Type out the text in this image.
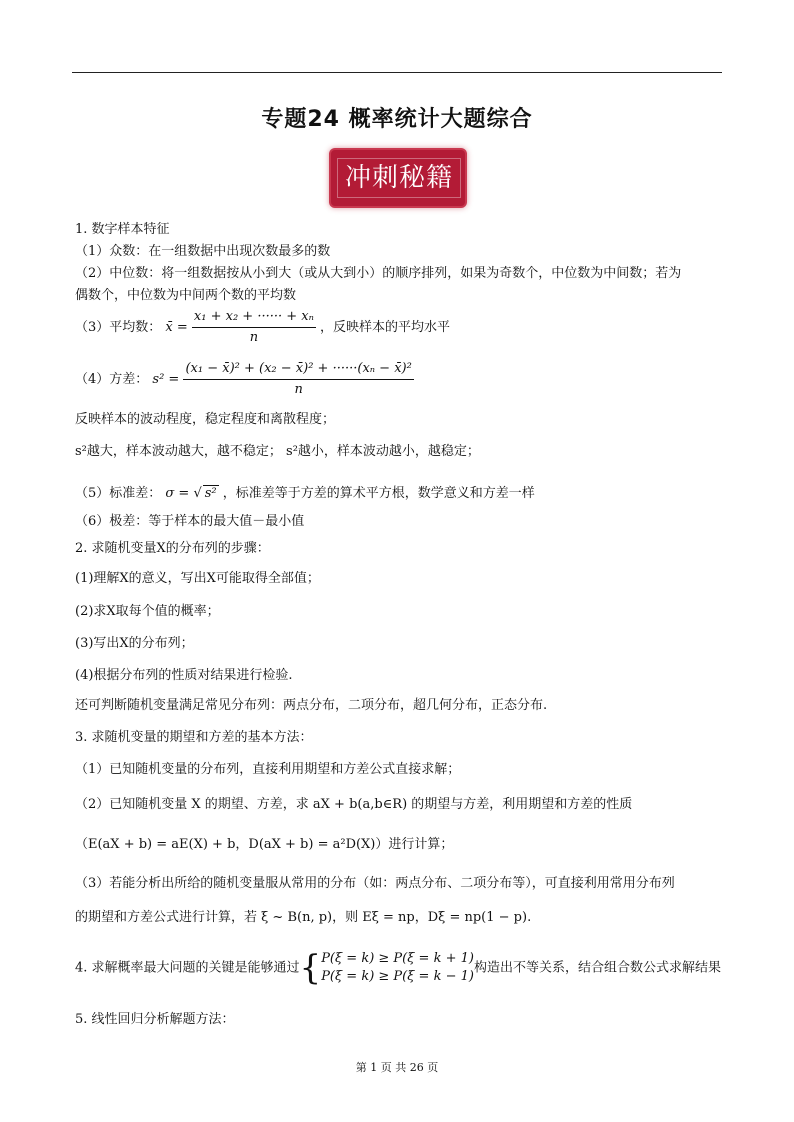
专题24 概率统计大题综合
冲刺秘籍
1. 数字样本特征
（1）众数：在一组数据中出现次数最多的数
（2）中位数：将一组数据按从小到大（或从大到小）的顺序排列，如果为奇数个，中位数为中间数；若为
偶数个，中位数为中间两个数的平均数
（3）平均数： x̄ = $\frac{\text{x₁ + x₂ + ······ + xₙ}}{n}$ ，反映样本的平均水平
（4）方差： $s^2 = \frac{\text{(x₁ − x̄)² + (x₂ − x̄)² + ······(xₙ − x̄)²}}{n}$
反映样本的波动程度，稳定程度和离散程度；
s²越大，样本波动越大，越不稳定； s²越小，样本波动越小，越稳定；
（5）标准差： σ = √ s² ，标准差等于方差的算术平方根，数学意义和方差一样
（6）极差：等于样本的最大值－最小值
2. 求随机变量X的分布列的步骤：
(1)理解X的意义，写出X可能取得全部值；
(2)求X取每个值的概率；
(3)写出X的分布列；
(4)根据分布列的性质对结果进行检验.
还可判断随机变量满足常见分布列：两点分布，二项分布，超几何分布，正态分布.
3. 求随机变量的期望和方差的基本方法：
（1）已知随机变量的分布列，直接利用期望和方差公式直接求解；
（2）已知随机变量 X 的期望、方差，求 aX + b(a,b∈R) 的期望与方差，利用期望和方差的性质
（E(aX + b) = aE(X) + b，D(aX + b) = a²D(X)）进行计算；
（3）若能分析出所给的随机变量服从常用的分布（如：两点分布、二项分布等），可直接利用常用分布列
的期望和方差公式进行计算，若 ξ ~ B(n, p)，则 Eξ = np，Dξ = np(1 − p).
4. 求解概率最大问题的关键是能够通过{ P(ξ = k) ≥ P(ξ = k + 1)
P(ξ = k) ≥ P(ξ = k − 1)
构造出不等关系，结合组合数公式求解结果
5. 线性回归分析解题方法：
第 1 页 共 26 页
